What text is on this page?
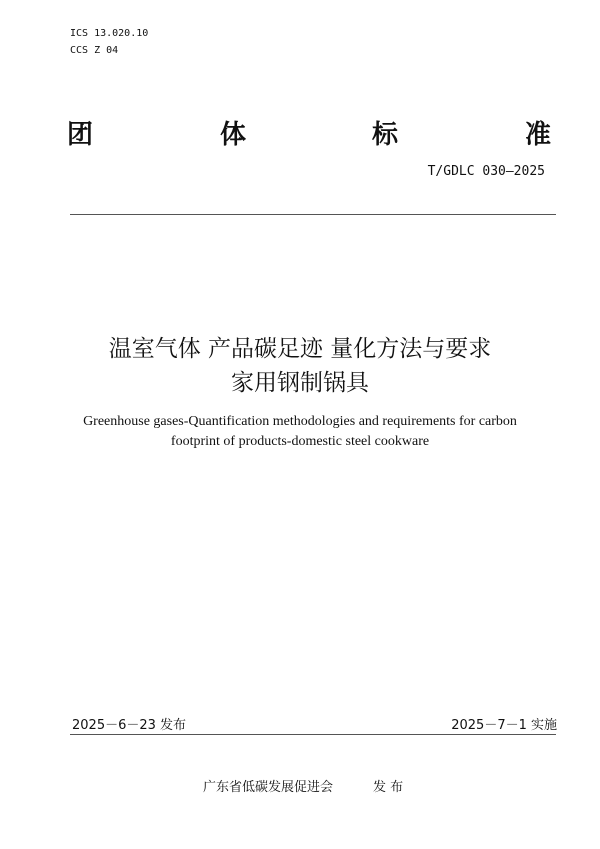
ICS 13.020.10
CCS Z 04
团	体	标	准
T/GDLC 030—2025
温室气体 产品碳足迹 量化方法与要求
家用钢制锅具
Greenhouse gases-Quantification methodologies and requirements for carbon
footprint of products-domestic steel cookware
2025－6－23 发布	2025－7－1 实施
广东省低碳发展促进会	发 布
